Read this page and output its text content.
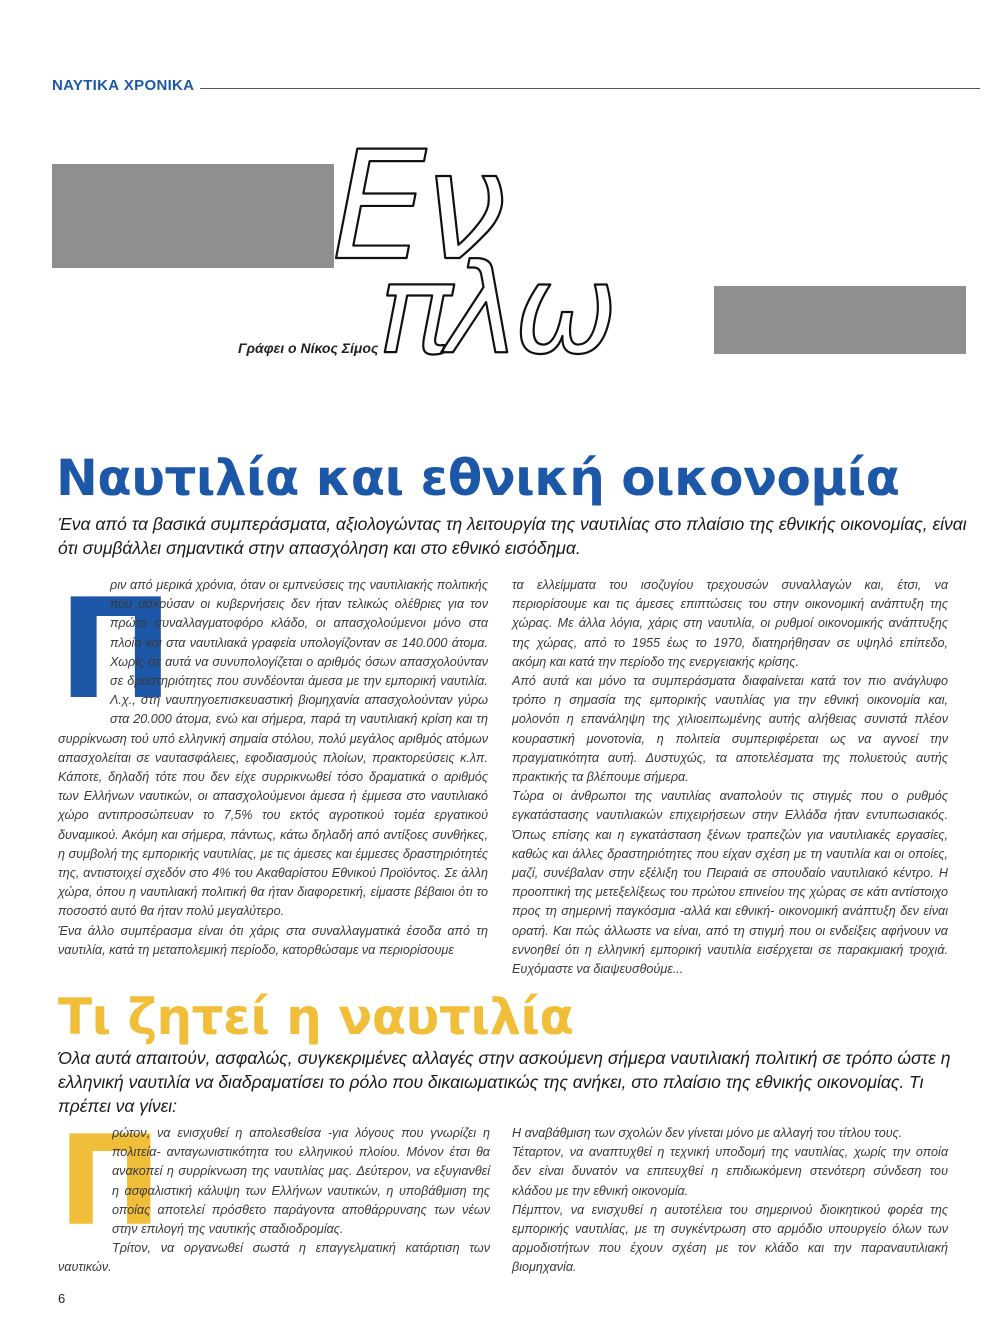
ΝΑΥΤΙΚΑ ΧΡΟΝΙΚΑ
Εν
πλω
Γράφει ο Νίκος Σίμος
Ναυτιλία και εθνική οικονομία
Ένα από τα βασικά συμπεράσματα, αξιολογώντας τη λειτουργία της ναυτιλίας στο πλαίσιο της εθνικής οικονομίας, είναι ότι συμβάλλει σημαντικά στην απασχόληση και στο εθνικό εισόδημα.
Π

ριν από μερικά χρόνια, όταν οι εμπνεύσεις της ναυτιλιακής πολιτικής που ασκούσαν οι κυβερνήσεις δεν ήταν τελικώς ολέθριες για τον πρώτο συναλλαγματοφόρο κλάδο, οι απασχολούμενοι μόνο στα πλοία και στα ναυτιλιακά γραφεία υπολογίζονταν σε 140.000 άτομα. Χωρίς σε αυτά να συνυπολογίζεται ο αριθμός όσων απασχολούνταν σε δραστηριότητες που συνδέονται άμεσα με την εμπορική ναυτιλία. Λ.χ., στη ναυπηγοεπισκευαστική βιομηχανία απασχολούνταν γύρω στα 20.000 άτομα, ενώ και σήμερα, παρά τη ναυτιλιακή κρίση και τη συρρίκνωση τού υπό ελληνική σημαία στόλου, πολύ μεγάλος αριθμός ατόμων απασχολείται σε ναυτασφάλειες, εφοδιασμούς πλοίων, πρακτορεύσεις κ.λπ. Κάποτε, δηλαδή τότε που δεν είχε συρρικνωθεί τόσο δραματικά ο αριθμός των Ελλήνων ναυτικών, οι απασχολούμενοι άμεσα ή έμμεσα στο ναυτιλιακό χώρο αντιπροσώπευαν το 7,5% του εκτός αγροτικού τομέα εργατικού δυναμικού. Ακόμη και σήμερα, πάντως, κάτω δηλαδή από αντίξοες συνθήκες, η συμβολή της εμπορικής ναυτιλίας, με τις άμεσες και έμμεσες δραστηριότητές της, αντιστοιχεί σχεδόν στο 4% του Ακαθαρίστου Εθνικού Προϊόντος. Σε άλλη χώρα, όπου η ναυτιλιακή πολιτική θα ήταν διαφορετική, είμαστε βέβαιοι ότι το ποσοστό αυτό θα ήταν πολύ μεγαλύτερο.

Ένα άλλο συμπέρασμα είναι ότι χάρις στα συναλλαγματικά έσοδα από τη ναυτιλία, κατά τη μεταπολεμική περίοδο, κατορθώσαμε να περιορίσουμε

τα ελλείμματα του ισοζυγίου τρεχουσών συναλλαγών και, έτσι, να περιορίσουμε και τις άμεσες επιπτώσεις του στην οικονομική ανάπτυξη της χώρας. Με άλλα λόγια, χάρις στη ναυτιλία, οι ρυθμοί οικονομικής ανάπτυξης της χώρας, από το 1955 έως το 1970, διατηρήθησαν σε υψηλό επίπεδο, ακόμη και κατά την περίοδο της ενεργειακής κρίσης.

Από αυτά και μόνο τα συμπεράσματα διαφαίνεται κατά τον πιο ανάγλυφο τρόπο η σημασία της εμπορικής ναυτιλίας για την εθνική οικονομία και, μολονότι η επανάληψη της χιλιοειπωμένης αυτής αλήθειας συνιστά πλέον κουραστική μονοτονία, η πολιτεία συμπεριφέρεται ως να αγνοεί την πραγματικότητα αυτή. Δυστυχώς, τα αποτελέσματα της πολυετούς αυτής πρακτικής τα βλέπουμε σήμερα.

Τώρα οι άνθρωποι της ναυτιλίας αναπολούν τις στιγμές που ο ρυθμός εγκατάστασης ναυτιλιακών επιχειρήσεων στην Ελλάδα ήταν εντυπωσιακός. Όπως επίσης και η εγκατάσταση ξένων τραπεζών για ναυτιλιακές εργασίες, καθώς και άλλες δραστηριότητες που είχαν σχέση με τη ναυτιλία και οι οποίες, μαζί, συνέβαλαν στην εξέλιξη του Πειραιά σε σπουδαίο ναυτιλιακό κέντρο. Η προοπτική της μετεξελίξεως του πρώτου επινείου της χώρας σε κάτι αντίστοιχο προς τη σημερινή παγκόσμια -αλλά και εθνική- οικονομική ανάπτυξη δεν είναι ορατή. Και πώς άλλωστε να είναι, από τη στιγμή που οι ενδείξεις αφήνουν να εννοηθεί ότι η ελληνική εμπορική ναυτιλία εισέρχεται σε παρακμιακή τροχιά. Ευχόμαστε να διαψευσθούμε...

Τι ζητεί η ναυτιλία
Όλα αυτά απαιτούν, ασφαλώς, συγκεκριμένες αλλαγές στην ασκούμενη σήμερα ναυτιλιακή πολιτική σε τρόπο ώστε η ελληνική ναυτιλία να διαδραματίσει το ρόλο που δικαιωματικώς της ανήκει, στο πλαίσιο της εθνικής οικονομίας. Τι πρέπει να γίνει:
Π

ρώτον, να ενισχυθεί η απολεσθείσα -για λόγους που γνωρίζει η πολιτεία- ανταγωνιστικότητα του ελληνικού πλοίου. Μόνον έτσι θα ανακοπεί η συρρίκνωση της ναυτιλίας μας. Δεύτερον, να εξυγιανθεί η ασφαλιστική κάλυψη των Ελλήνων ναυτικών, η υποβάθμιση της οποίας αποτελεί πρόσθετο παράγοντα αποθάρρυνσης των νέων στην επιλογή της ναυτικής σταδιοδρομίας.

Τρίτον, να οργανωθεί σωστά η επαγγελματική κατάρτιση των ναυτικών.

Η αναβάθμιση των σχολών δεν γίνεται μόνο με αλλαγή του τίτλου τους.

Τέταρτον, να αναπτυχθεί η τεχνική υποδομή της ναυτιλίας, χωρίς την οποία δεν είναι δυνατόν να επιτευχθεί η επιδιωκόμενη στενότερη σύνδεση του κλάδου με την εθνική οικονομία.

Πέμπτον, να ενισχυθεί η αυτοτέλεια του σημερινού διοικητικού φορέα της εμπορικής ναυτιλίας, με τη συγκέντρωση στο αρμόδιο υπουργείο όλων των αρμοδιοτήτων που έχουν σχέση με τον κλάδο και την παραναυτιλιακή βιομηχανία.

6
